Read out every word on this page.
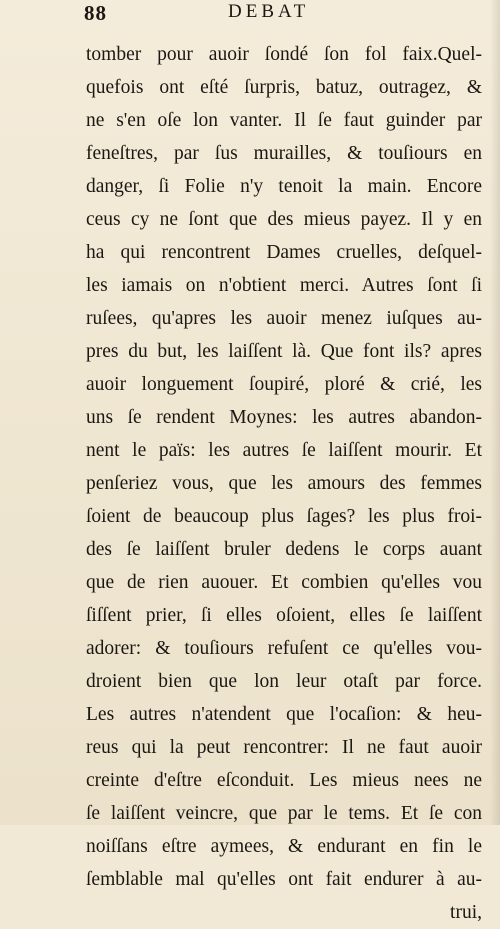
88	DEBAT
tomber pour auoir ſondé ſon fol faix.Quel-
quefois ont eſté ſurpris, batuz, outragez, &
ne s'en oſe lon vanter. Il ſe faut guinder par
feneſtres, par ſus murailles, & touſiours en
danger, ſi Folie n'y tenoit la main. Encore
ceus cy ne ſont que des mieus payez. Il y en
ha qui rencontrent Dames cruelles, deſquel-
les iamais on n'obtient merci. Autres ſont ſi
ruſees, qu'apres les auoir menez iuſques au-
pres du but, les laiſſent là. Que font ils? apres
auoir longuement ſoupiré, ploré & crié, les
uns ſe rendent Moynes: les autres abandon-
nent le païs: les autres ſe laiſſent mourir. Et
penſeriez vous, que les amours des femmes
ſoient de beaucoup plus ſages? les plus froi-
des ſe laiſſent bruler dedens le corps auant
que de rien auouer. Et combien qu'elles vou
ſiſſent prier, ſi elles oſoient, elles ſe laiſſent
adorer: & touſiours refuſent ce qu'elles vou-
droient bien que lon leur otaſt par force.
Les autres n'atendent que l'ocaſion: & heu-
reus qui la peut rencontrer: Il ne faut auoir
creinte d'eſtre eſconduit. Les mieus nees ne
ſe laiſſent veincre, que par le tems. Et ſe con
noiſſans eſtre aymees, & endurant en fin le
ſemblable mal qu'elles ont fait endurer à au-
trui,
